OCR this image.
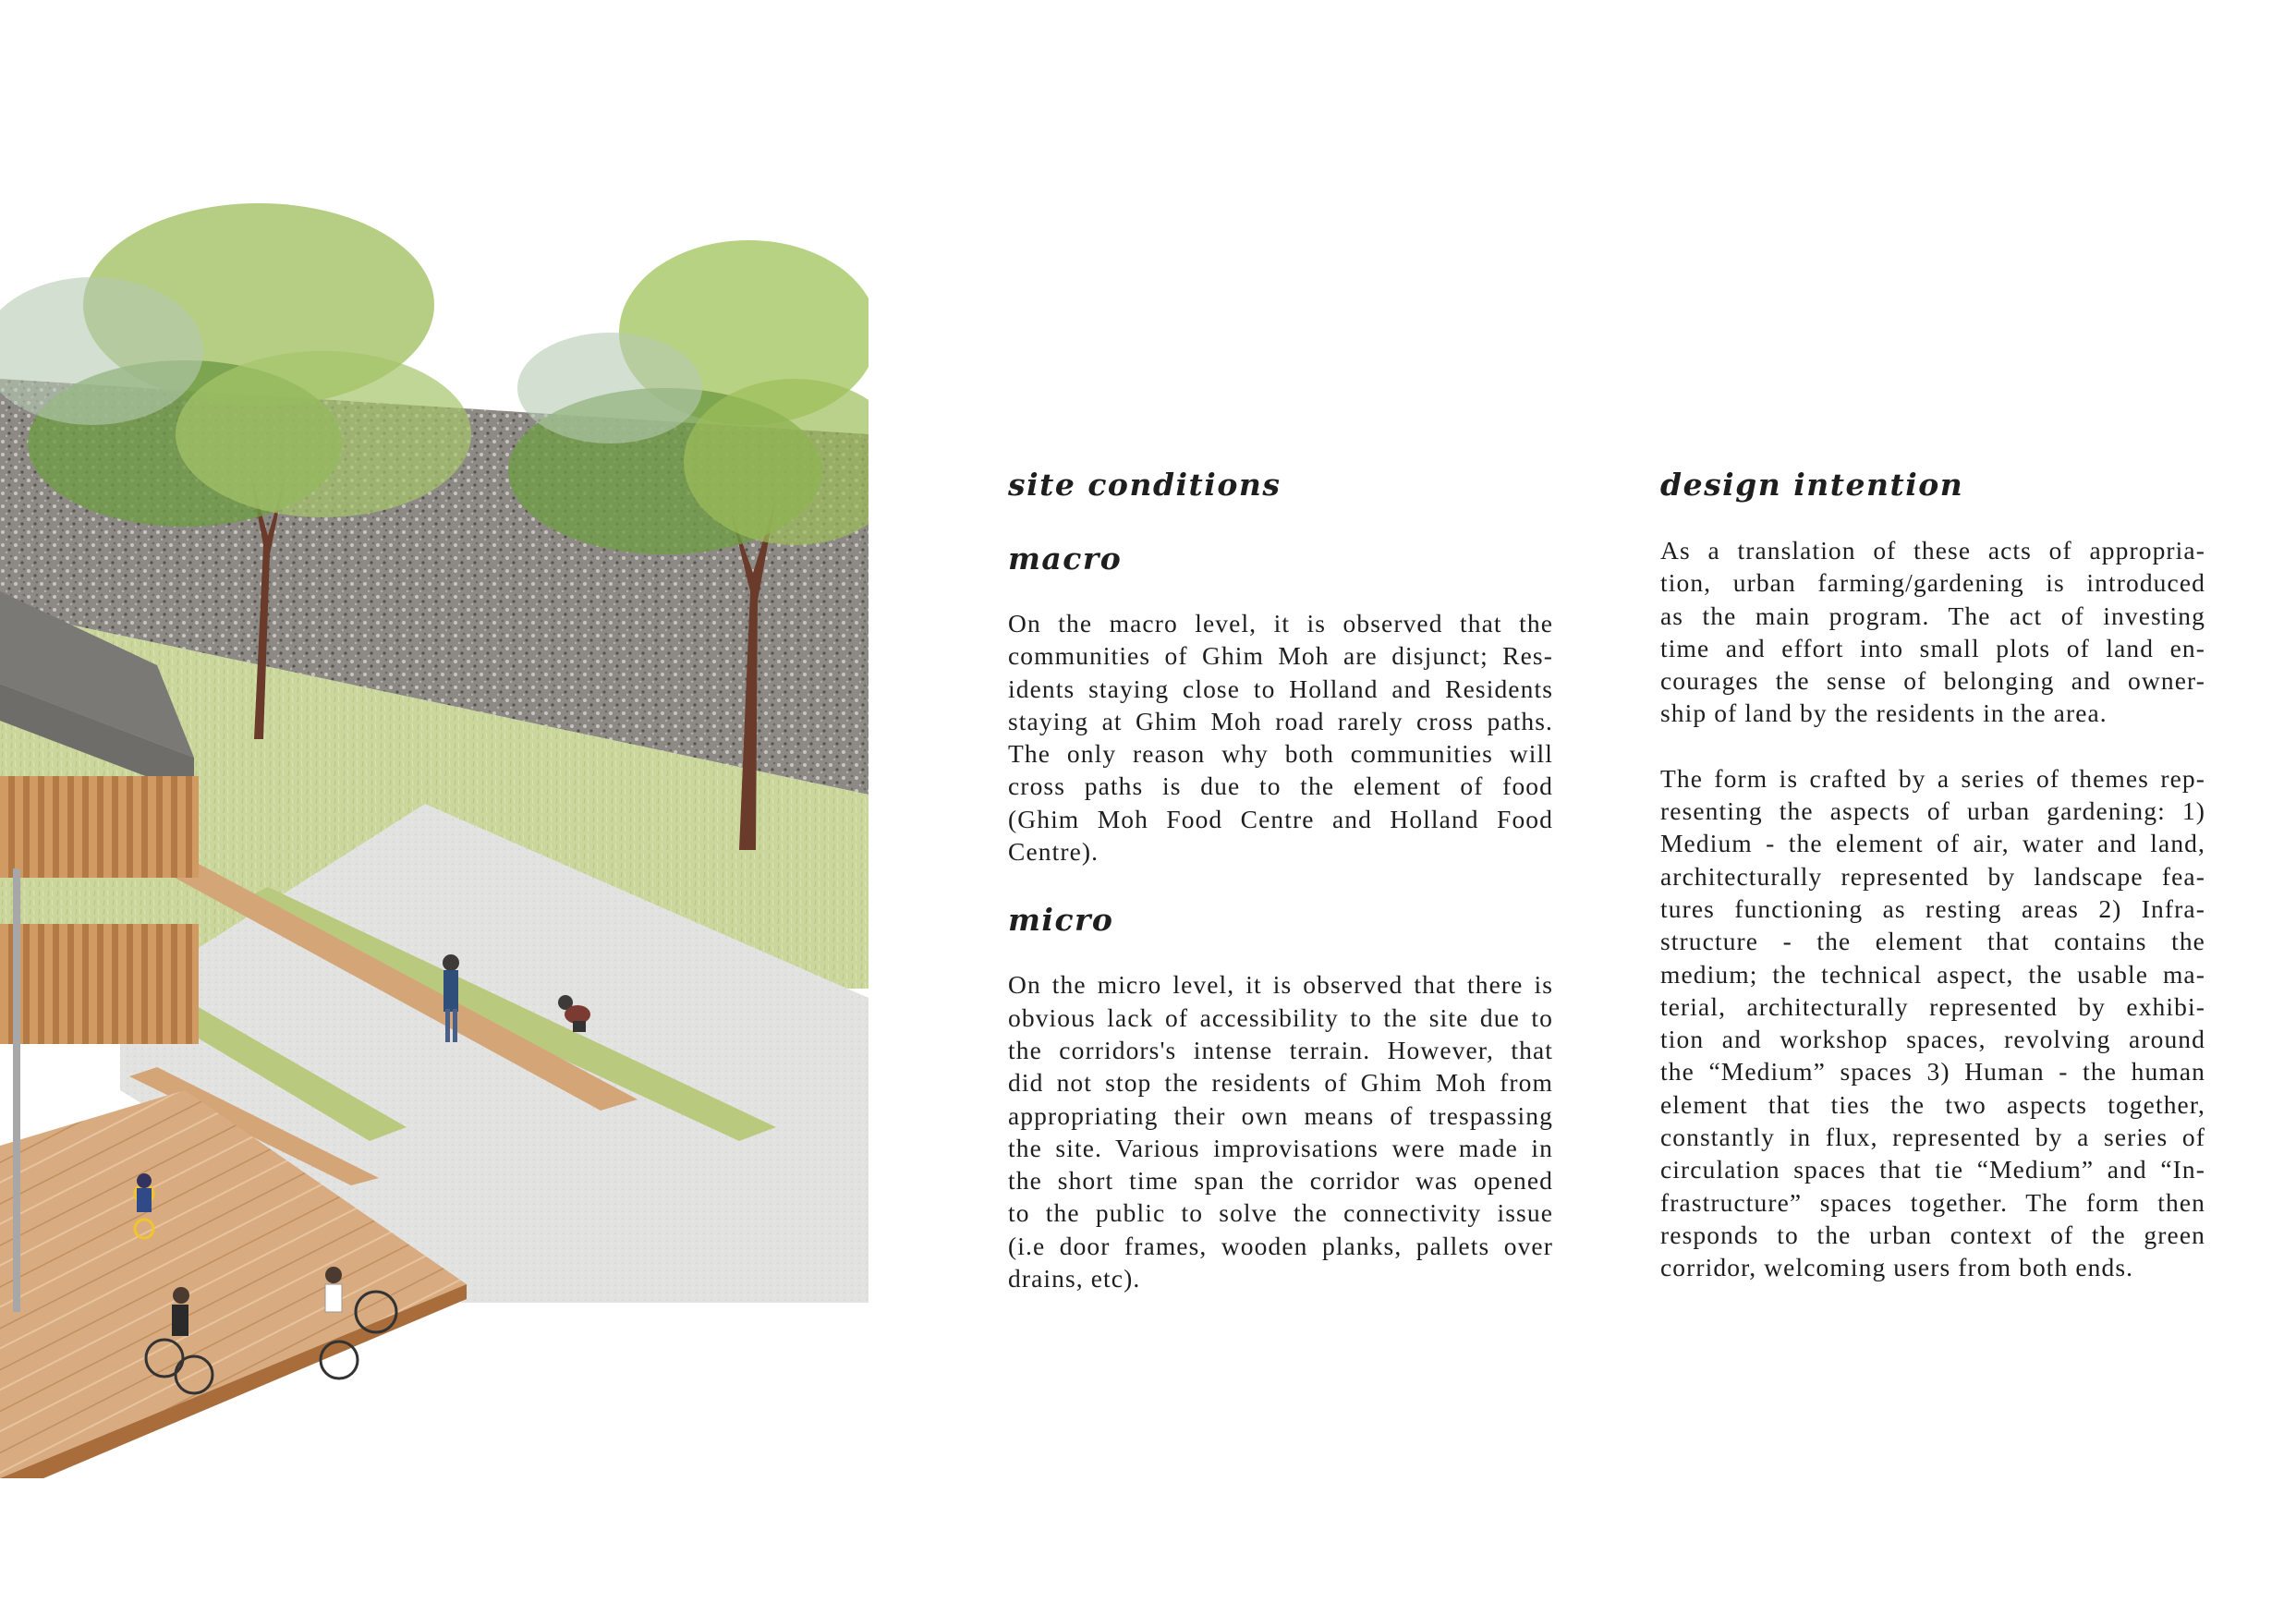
site conditions
macro

On the macro level, it is observed that the
communities of Ghim Moh are disjunct; Res-
idents staying close to Holland and Residents
staying at Ghim Moh road rarely cross paths.
The only reason why both communities will
cross paths is due to the element of food
(Ghim Moh Food Centre and Holland Food
Centre).

micro

On the micro level, it is observed that there is
obvious lack of accessibility to the site due to
the corridors's intense terrain. However, that
did not stop the residents of Ghim Moh from
appropriating their own means of trespassing
the site. Various improvisations were made in
the short time span the corridor was opened
to the public to solve the connectivity issue
(i.e door frames, wooden planks, pallets over
drains, etc).

design intention

As a translation of these acts of appropria-
tion, urban farming/gardening is introduced
as the main program. The act of investing
time and effort into small plots of land en-
courages the sense of belonging and owner-
ship of land by the residents in the area.

The form is crafted by a series of themes rep-
resenting the aspects of urban gardening: 1)
Medium - the element of air, water and land,
architecturally represented by landscape fea-
tures functioning as resting areas 2) Infra-
structure - the element that contains the
medium; the technical aspect, the usable ma-
terial, architecturally represented by exhibi-
tion and workshop spaces, revolving around
the “Medium” spaces 3) Human - the human
element that ties the two aspects together,
constantly in flux, represented by a series of
circulation spaces that tie “Medium” and “In-
frastructure” spaces together. The form then
responds to the urban context of the green
corridor, welcoming users from both ends.
